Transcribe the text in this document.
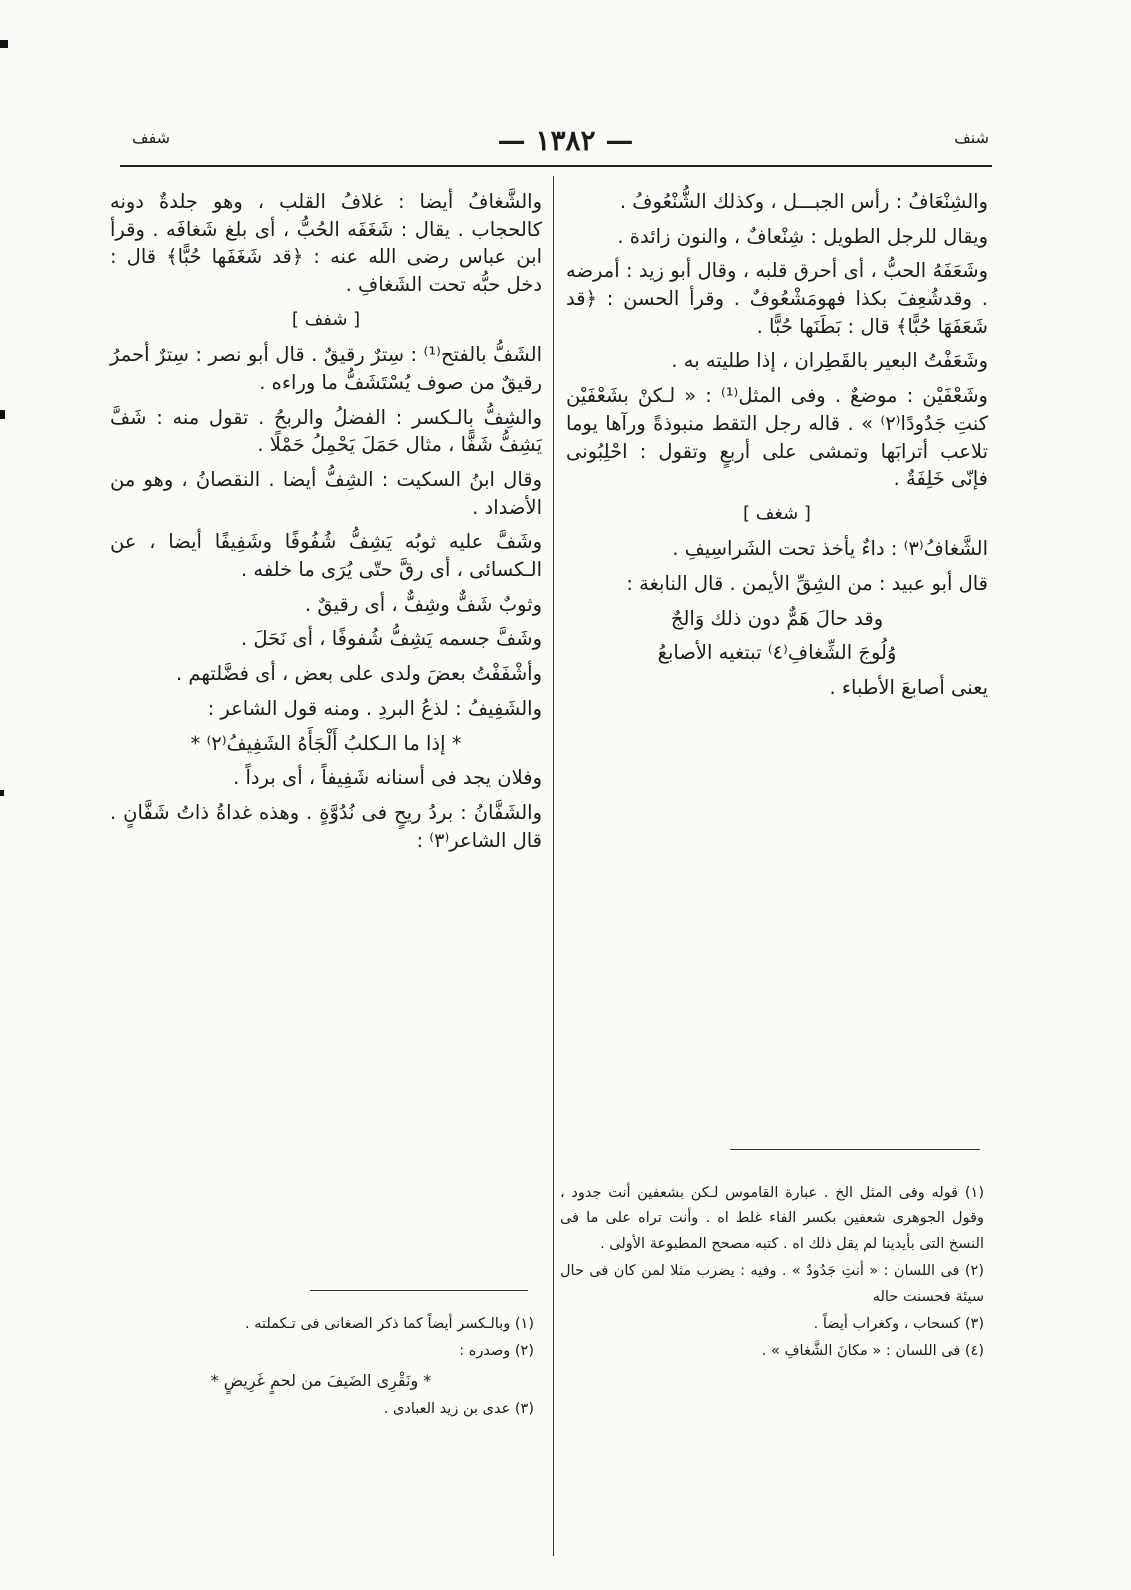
شنف
— ١٣٨٢ —
شفف

والشِنْعَافُ : رأس الجبـــل ، وكذلك الشُّنْعُوفُ .

ويقال للرجل الطويل : شِنْعافٌ ، والنون زائدة .

وشَعَفَهُ الحبُّ ، أى أحرق قلبه ، وقال أبو زيد : أمرضه . وقدشُعِفَ بكذا فهومَشْعُوفٌ . وقرأ الحسن : ﴿قد شَعَفَهَا حُبًّا﴾ قال : بَطَنَها حُبًّا .

وشَعَفْتُ البعير بالقَطِران ، إذا طليته به .

وشَعْفَيْن : موضعٌ . وفى المثل⁽¹⁾ : « لـكنْ بشَعْفَيْن كنتِ جَدُودًا⁽٢⁾ » . قاله رجل التقط منبوذةً ورآها يوما تلاعب أترابَها وتمشى على أربعٍ وتقول : احْلِبُونى فإنّى خَلِفَةٌ .

[ شغف ]

الشَّغافُ⁽٣⁾ : داءٌ يأخذ تحت الشَراسِيفِ .

قال أبو عبيد : من الشِقِّ الأيمن . قال النابغة :

وقد حالَ هَمٌّ دون ذلك وَالجٌ

وُلُوجَ الشِّغافِ⁽٤⁾ تبتغيه الأصابعُ

يعنى أصابعَ الأطباء .

(١) قوله وفى المثل الخ . عبارة القاموس لـكن بشعفين أنت جدود ، وقول الجوهرى شعفين بكسر الفاء غلط اه . وأنت تراه على ما فى النسخ التى بأيدينا لم يقل ذلك اه . كتبه مصحح المطبوعة الأولى .

(٢) فى اللسان : « أنتِ جَدُودٌ » . وفيه : يضرب مثلا لمن كان فى حال سيئة فحسنت حاله

(٣) كسحاب ، وكغراب أيضاً .

(٤) فى اللسان : « مكانَ الشَّغافِ » .

والشَّغافُ أيضا : غلافُ القلب ، وهو جلدةٌ دونه كالحجاب . يقال : شَغَفَه الحُبُّ ، أى بلغ شَغافَه . وقرأ ابن عباس رضى الله عنه : ﴿قد شَغَفَها حُبًّا﴾ قال : دخل حبُّه تحت الشَغافِ .

[ شفف ]

الشَفُّ بالفتح⁽¹⁾ : سِترٌ رقيقٌ . قال أبو نصر : سِترٌ أحمرُ رقيقٌ من صوف يُسْتَشَفُّ ما وراءه .

والشِفُّ بالـكسر : الفضلُ والربحُ . تقول منه : شَفَّ يَشِفُّ شَفًّا ، مثال حَمَلَ يَحْمِلُ حَمْلًا .

وقال ابنُ السكيت : الشِفُّ أيضا . النقصانُ ، وهو من الأضداد .

وشَفَّ عليه ثوبُه يَشِفُّ شُفُوفًا وشَفِيفًا أيضا ، عن الـكسائى ، أى رقَّ حتّى يُرَى ما خلفه .

وثوبٌ شَفٌّ وشِفٌّ ، أى رقيقٌ .

وشَفَّ جسمه يَشِفُّ شُفوفًا ، أى نَحَلَ .

وأشْفَفْتُ بعضَ ولدى على بعض ، أى فضَّلتهم .

والشَفِيفُ : لذعُ البردِ . ومنه قول الشاعر :

* إذا ما الـكلبُ أَلْجَأَهُ الشَفِيفُ⁽٢⁾ *

وفلان يجد فى أسنانه شَفِيفاً ، أى برداً .

والشَفَّانُ : بردُ ريحٍ فى نُدُوَّةٍ . وهذه غداةُ ذاتُ شَفَّانٍ . قال الشاعر⁽٣⁾ :

(١) وبالـكسر أيضاً كما ذكر الصغانى فى تـكملته .

(٢) وصدره :

* ونَقْرِى الضَيفَ من لحمٍ غَرِيضٍ *

(٣) عدى بن زيد العبادى .
